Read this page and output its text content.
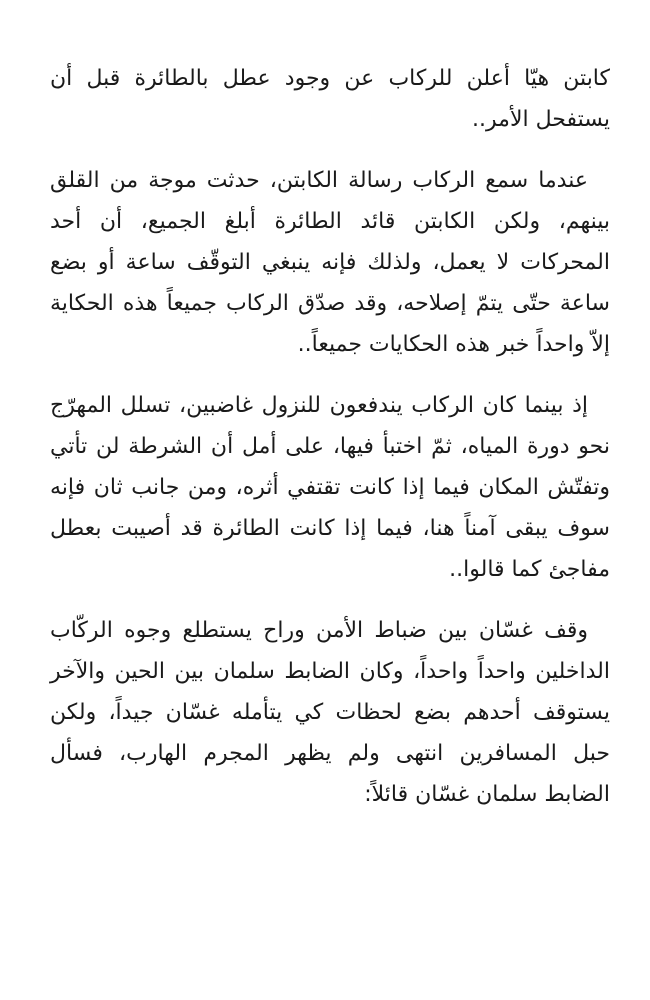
كابتن هيّا أعلن للركاب عن وجود عطل بالطائرة قبل أن يستفحل الأمر..

عندما سمع الركاب رسالة الكابتن، حدثت موجة من القلق بينهم، ولكن الكابتن قائد الطائرة أبلغ الجميع، أن أحد المحركات لا يعمل، ولذلك فإنه ينبغي التوقّف ساعة أو بضع ساعة حتّى يتمّ إصلاحه، وقد صدّق الركاب جميعاً هذه الحكاية إلاّ واحداً خبر هذه الحكايات جميعاً..

إذ بينما كان الركاب يندفعون للنزول غاضبين، تسلل المهرّج نحو دورة المياه، ثمّ اختبأ فيها، على أمل أن الشرطة لن تأتي وتفتّش المكان فيما إذا كانت تقتفي أثره، ومن جانب ثان فإنه سوف يبقى آمناً هنا، فيما إذا كانت الطائرة قد أصيبت بعطل مفاجئ كما قالوا..

وقف غسّان بين ضباط الأمن وراح يستطلع وجوه الركّاب الداخلين واحداً واحداً، وكان الضابط سلمان بين الحين والآخر يستوقف أحدهم بضع لحظات كي يتأمله غسّان جيداً، ولكن حبل المسافرين انتهى ولم يظهر المجرم الهارب، فسأل الضابط سلمان غسّان قائلاً:
